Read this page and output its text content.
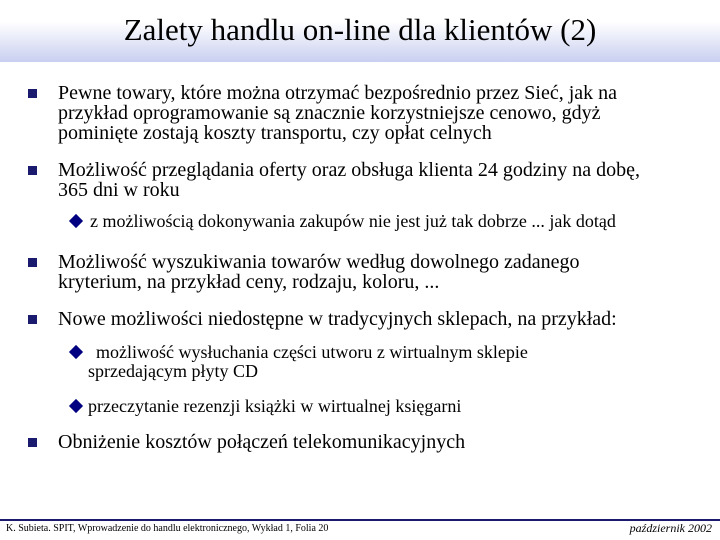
Zalety handlu on-line dla klientów (2)
Pewne towary, które można otrzymać bezpośrednio przez Sieć, jak na
przykład oprogramowanie są znacznie korzystniejsze cenowo, gdyż
pominięte zostają koszty transportu, czy opłat celnych
Możliwość przeglądania oferty oraz obsługa klienta 24 godziny na dobę,
365 dni w roku
z możliwością dokonywania zakupów nie jest już tak dobrze ... jak dotąd
Możliwość wyszukiwania towarów według dowolnego zadanego
kryterium, na przykład ceny, rodzaju, koloru, ...
Nowe możliwości niedostępne w tradycyjnych sklepach, na przykład:
możliwość wysłuchania części utworu z wirtualnym sklepie
sprzedającym płyty CD
przeczytanie rezenzji książki w wirtualnej księgarni
Obniżenie kosztów połączeń telekomunikacyjnych
K. Subieta. SPIT, Wprowadzenie do handlu elektronicznego, Wykład 1, Folia 20	październik 2002
